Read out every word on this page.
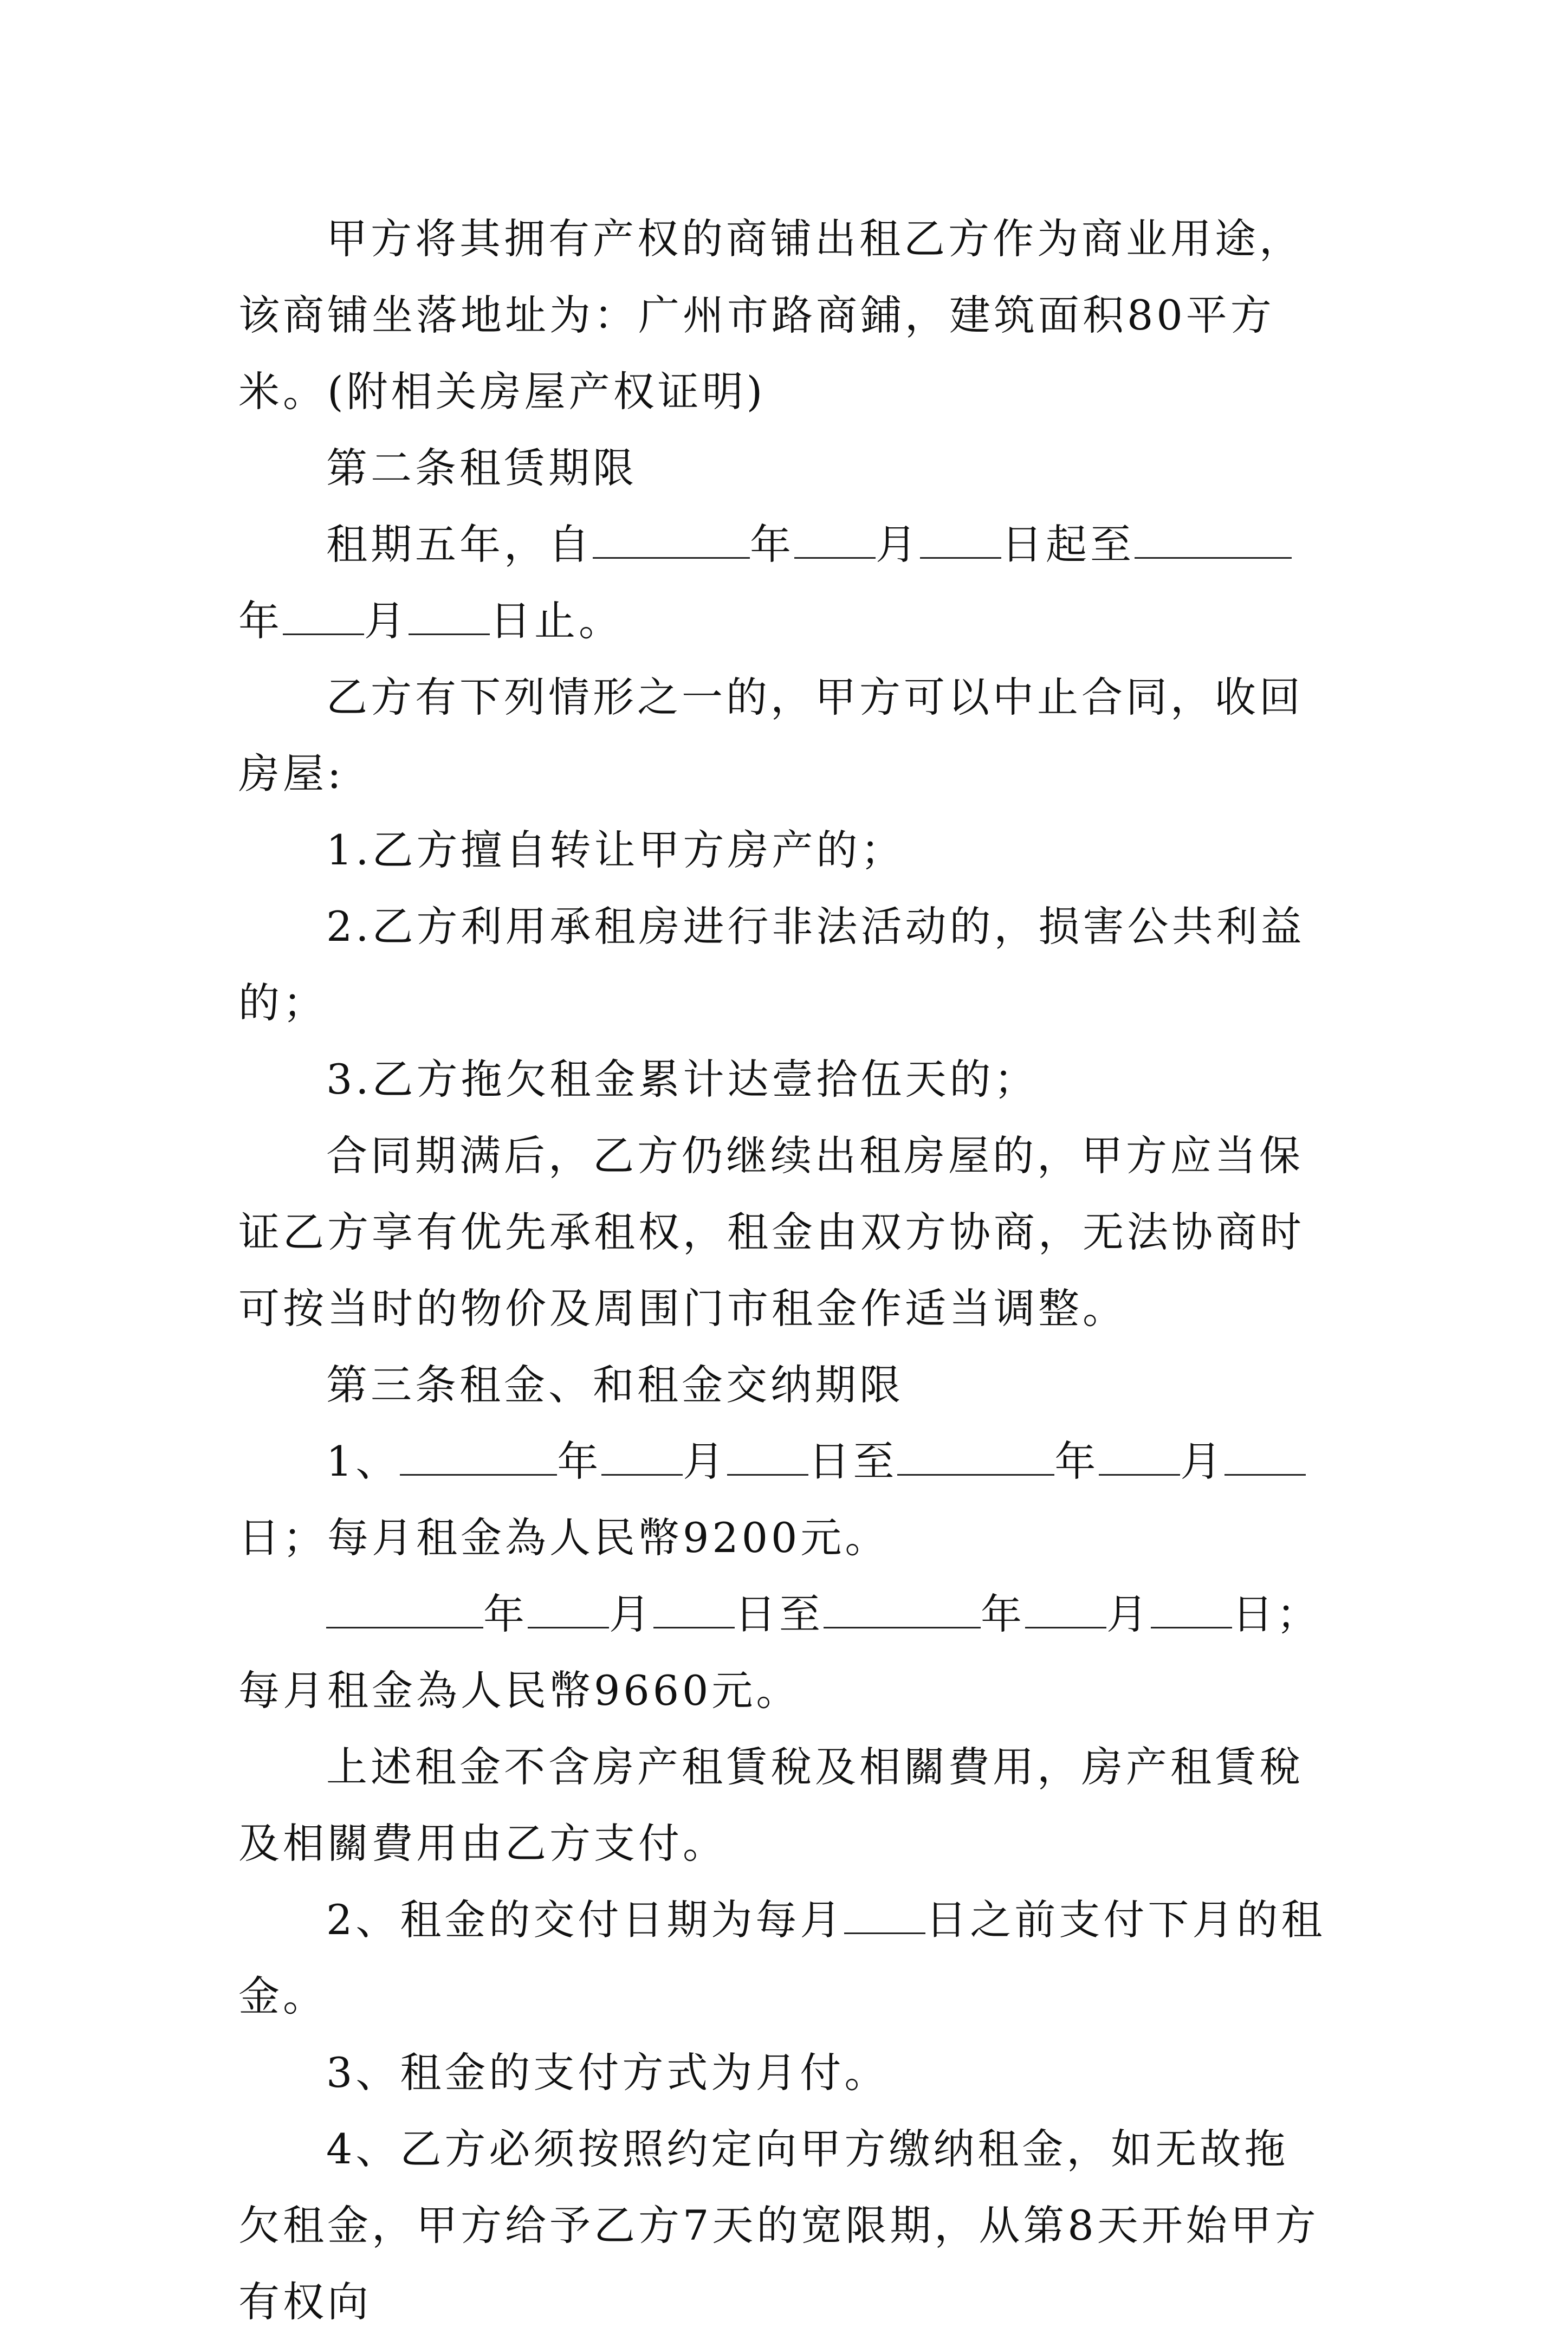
甲方将其拥有产权的商铺出租乙方作为商业用途，该商铺坐落地址为：广州市路商鋪，建筑面积80平方米。(附相关房屋产权证明)

第二条租赁期限

租期五年，自	年 月 日起至年 月 日止。

乙方有下列情形之一的，甲方可以中止合同，收回房屋:

1.乙方擅自转让甲方房产的；

2.乙方利用承租房进行非法活动的，损害公共利益的；

3.乙方拖欠租金累计达壹拾伍天的；

合同期满后，乙方仍继续出租房屋的，甲方应当保证乙方享有优先承租权，租金由双方协商，无法协商时可按当时的物价及周围门市租金作适当调整。

第三条租金、和租金交纳期限

1、	年 月 日至	年 月日；每月租金為人民幣9200元。

年 月 日至	年 月 日；每月租金為人民幣9660元。

上述租金不含房产租賃稅及相關費用，房产租賃稅及相關費用由乙方支付。

2、租金的交付日期为每月 日之前支付下月的租金。

3、租金的支付方式为月付。

4、乙方必须按照约定向甲方缴纳租金，如无故拖欠租金，甲方给予乙方7天的宽限期，从第8天开始甲方有权向
